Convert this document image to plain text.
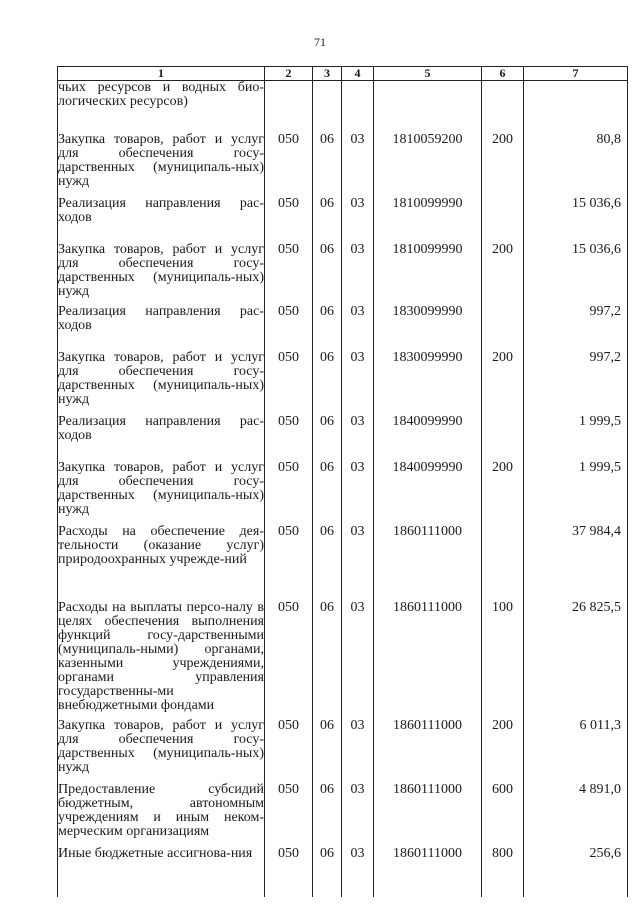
71
1	2	3	4	5	6	7
чьих ресурсов и водных био-логических ресурсов)						
Закупка товаров, работ и услуг для обеспечения госу-дарственных (муниципаль-ных) нужд	050	06	03	1810059200	200	80,8
Реализация направления рас-ходов	050	06	03	1810099990		15 036,6
Закупка товаров, работ и услуг для обеспечения госу-дарственных (муниципаль-ных) нужд	050	06	03	1810099990	200	15 036,6
Реализация направления рас-ходов	050	06	03	1830099990		997,2
Закупка товаров, работ и услуг для обеспечения госу-дарственных (муниципаль-ных) нужд	050	06	03	1830099990	200	997,2
Реализация направления рас-ходов	050	06	03	1840099990		1 999,5
Закупка товаров, работ и услуг для обеспечения госу-дарственных (муниципаль-ных) нужд	050	06	03	1840099990	200	1 999,5
Расходы на обеспечение дея-тельности (оказание услуг) природоохранных учрежде-ний	050	06	03	1860111000		37 984,4
Расходы на выплаты персо-налу в целях обеспечения выполнения функций госу-дарственными (муниципаль-ными) органами, казенными учреждениями, органами управления государственны-ми внебюджетными фондами	050	06	03	1860111000	100	26 825,5
Закупка товаров, работ и услуг для обеспечения госу-дарственных (муниципаль-ных) нужд	050	06	03	1860111000	200	6 011,3
Предоставление субсидий бюджетным, автономным учреждениям и иным неком-мерческим организациям	050	06	03	1860111000	600	4 891,0
Иные бюджетные ассигнова-ния	050	06	03	1860111000	800	256,6
